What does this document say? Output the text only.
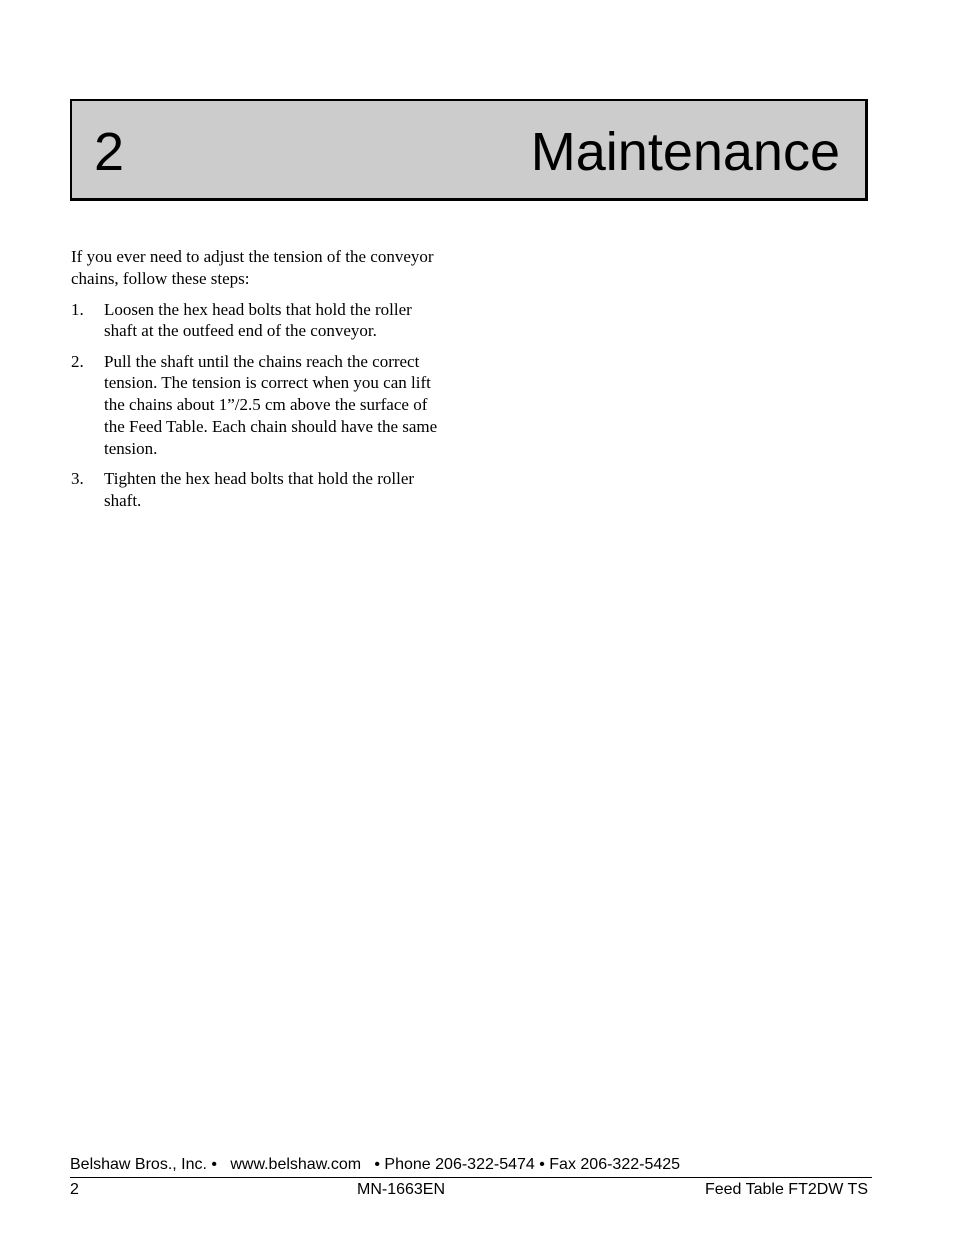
2	Maintenance

If you ever need to adjust the tension of the conveyor chains, follow these steps:

1.	Loosen the hex head bolts that hold the roller shaft at the outfeed end of the conveyor.
2.	Pull the shaft until the chains reach the correct tension. The tension is correct when you can lift the chains about 1”/2.5 cm above the surface of the Feed Table. Each chain should have the same tension.
3.	Tighten the hex head bolts that hold the roller shaft.
Belshaw Bros., Inc. •   www.belshaw.com   • Phone 206-322-5474 • Fax 206-322-5425
2	MN-1663EN	Feed Table FT2DW TS
